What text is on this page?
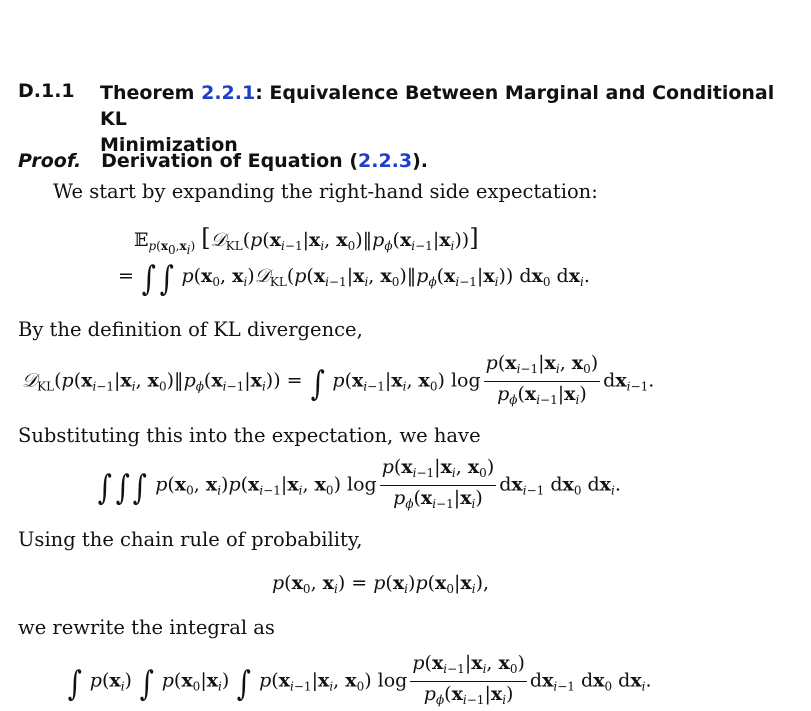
D.1.1 Theorem 2.2.1: Equivalence Between Marginal and Conditional KL
Minimization
Proof. Derivation of Equation (2.2.3).
We start by expanding the right-hand side expectation:
𝔼$_{p(x_0,x_i)}$ [$𝒟_{KL}(p(x_{i-1}|x_i$, $x_0)‖p_\phi(x_{i-1}|x_i)$)]
= ∫ ∫ $p(x_0$, $x_i)𝒟_{KL}(p(x_{i-1}|x_i$, $x_0)‖p_\phi(x_{i-1}|x_i)$) $dx_0$ $dx_i$.
By the definition of KL divergence,
$𝒟_{KL}(p(x_{i-1}|x_i$, $x_0)‖p_\phi(x_{i-1}|x_i)$) = ∫ $p(x_{i-1}|x_i$, $x_0$) $\log \frac{p(x_{i-1}|x_i, x_0)}{p_\phi(x_{i-1}|x_i)} dx_{i-1}$.
Substituting this into the expectation, we have
∫ ∫ ∫ $p(x_0$, $x_i)p(x_{i-1}|x_i$, $x_0$) $\log \frac{p(x_{i-1}|x_i, x_0)}{p_\phi(x_{i-1}|x_i)} dx_{i-1}$ $dx_0$ $dx_i$.
Using the chain rule of probability,
$p(x_0$, $x_i) = p(x_i)p(x_0|x_i)$,
we rewrite the integral as
∫ $p(x_i)$ ∫ $p(x_0|x_i)$ ∫ $p(x_{i-1}|x_i$, $x_0$) $\log \frac{p(x_{i-1}|x_i, x_0)}{p_\phi(x_{i-1}|x_i)} dx_{i-1}$ $dx_0$ $dx_i$.
